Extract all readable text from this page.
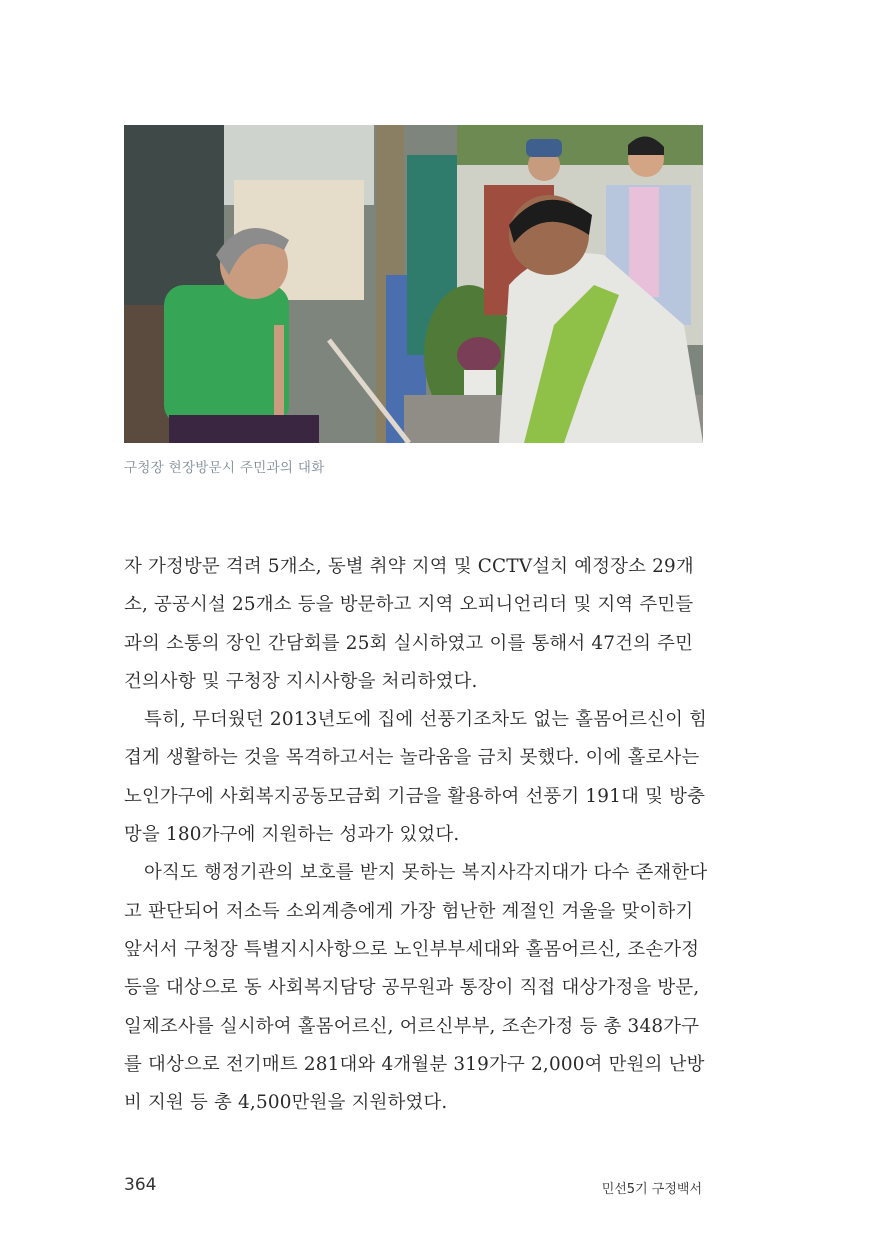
구청장 현장방문시 주민과의 대화

자 가정방문 격려 5개소, 동별 취약 지역 및 CCTV설치 예정장소 29개

소, 공공시설 25개소 등을 방문하고 지역 오피니언리더 및 지역 주민들

과의 소통의 장인 간담회를 25회 실시하였고 이를 통해서 47건의 주민

건의사항 및 구청장 지시사항을 처리하였다.

특히, 무더웠던 2013년도에 집에 선풍기조차도 없는 홀몸어르신이 힘

겹게 생활하는 것을 목격하고서는 놀라움을 금치 못했다. 이에 홀로사는

노인가구에 사회복지공동모금회 기금을 활용하여 선풍기 191대 및 방충

망을 180가구에 지원하는 성과가 있었다.

아직도 행정기관의 보호를 받지 못하는 복지사각지대가 다수 존재한다

고 판단되어 저소득 소외계층에게 가장 험난한 계절인 겨울을 맞이하기

앞서서 구청장 특별지시사항으로 노인부부세대와 홀몸어르신, 조손가정

등을 대상으로 동 사회복지담당 공무원과 통장이 직접 대상가정을 방문,

일제조사를 실시하여 홀몸어르신, 어르신부부, 조손가정 등 총 348가구

를 대상으로 전기매트 281대와 4개월분 319가구 2,000여 만원의 난방

비 지원 등 총 4,500만원을 지원하였다.

364	민선5기 구정백서
